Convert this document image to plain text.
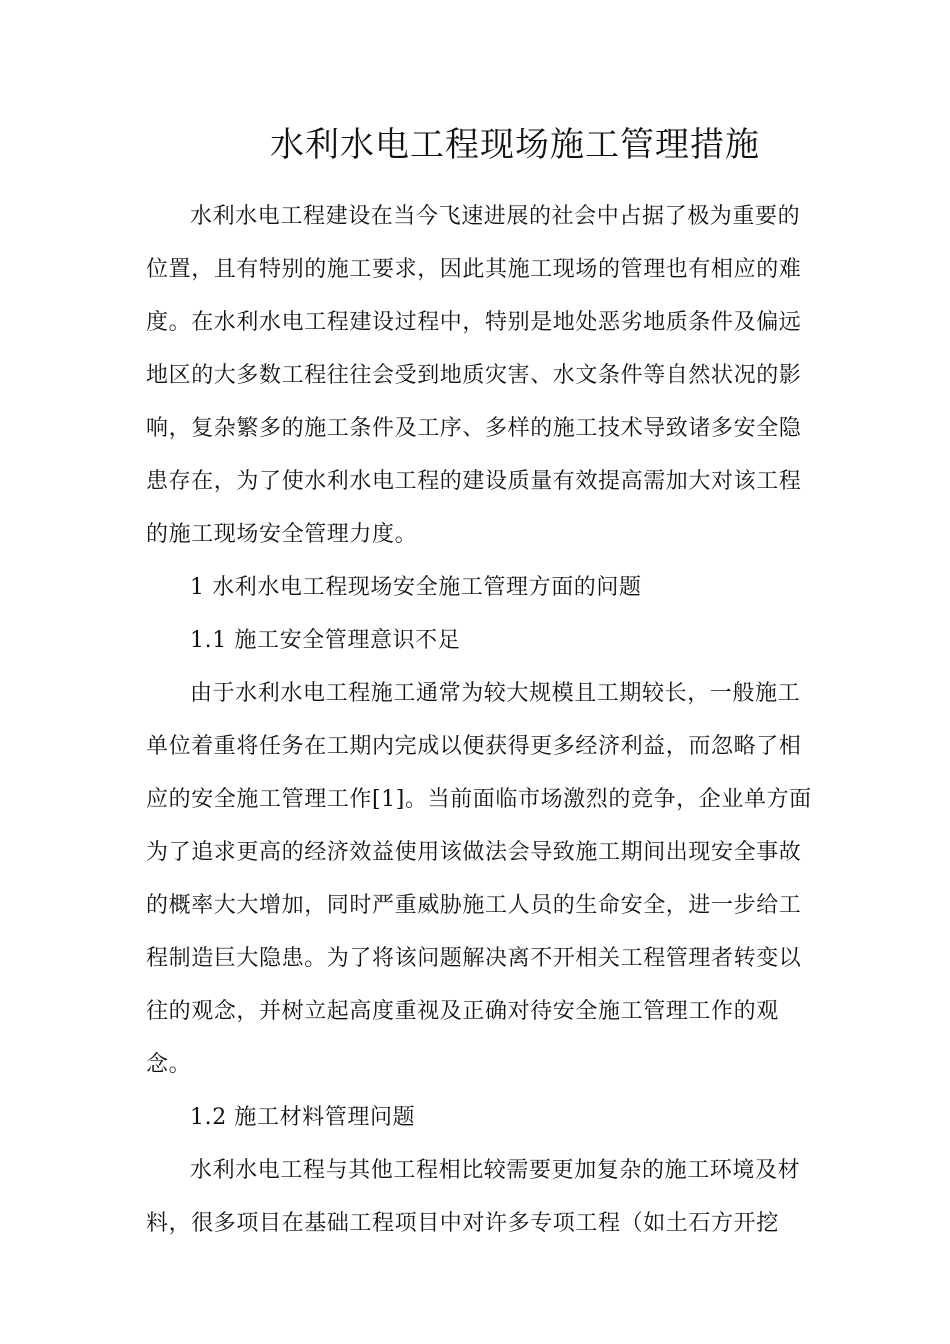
水利水电工程现场施工管理措施
水利水电工程建设在当今飞速进展的社会中占据了极为重要的
位置，且有特别的施工要求，因此其施工现场的管理也有相应的难
度。在水利水电工程建设过程中，特别是地处恶劣地质条件及偏远
地区的大多数工程往往会受到地质灾害、水文条件等自然状况的影
响，复杂繁多的施工条件及工序、多样的施工技术导致诸多安全隐
患存在，为了使水利水电工程的建设质量有效提高需加大对该工程
的施工现场安全管理力度。
1 水利水电工程现场安全施工管理方面的问题
1.1 施工安全管理意识不足
由于水利水电工程施工通常为较大规模且工期较长，一般施工
单位着重将任务在工期内完成以便获得更多经济利益，而忽略了相
应的安全施工管理工作[1]。当前面临市场激烈的竞争，企业单方面
为了追求更高的经济效益使用该做法会导致施工期间出现安全事故
的概率大大增加，同时严重威胁施工人员的生命安全，进一步给工
程制造巨大隐患。为了将该问题解决离不开相关工程管理者转变以
往的观念，并树立起高度重视及正确对待安全施工管理工作的观
念。
1.2 施工材料管理问题
水利水电工程与其他工程相比较需要更加复杂的施工环境及材
料，很多项目在基础工程项目中对许多专项工程（如土石方开挖
